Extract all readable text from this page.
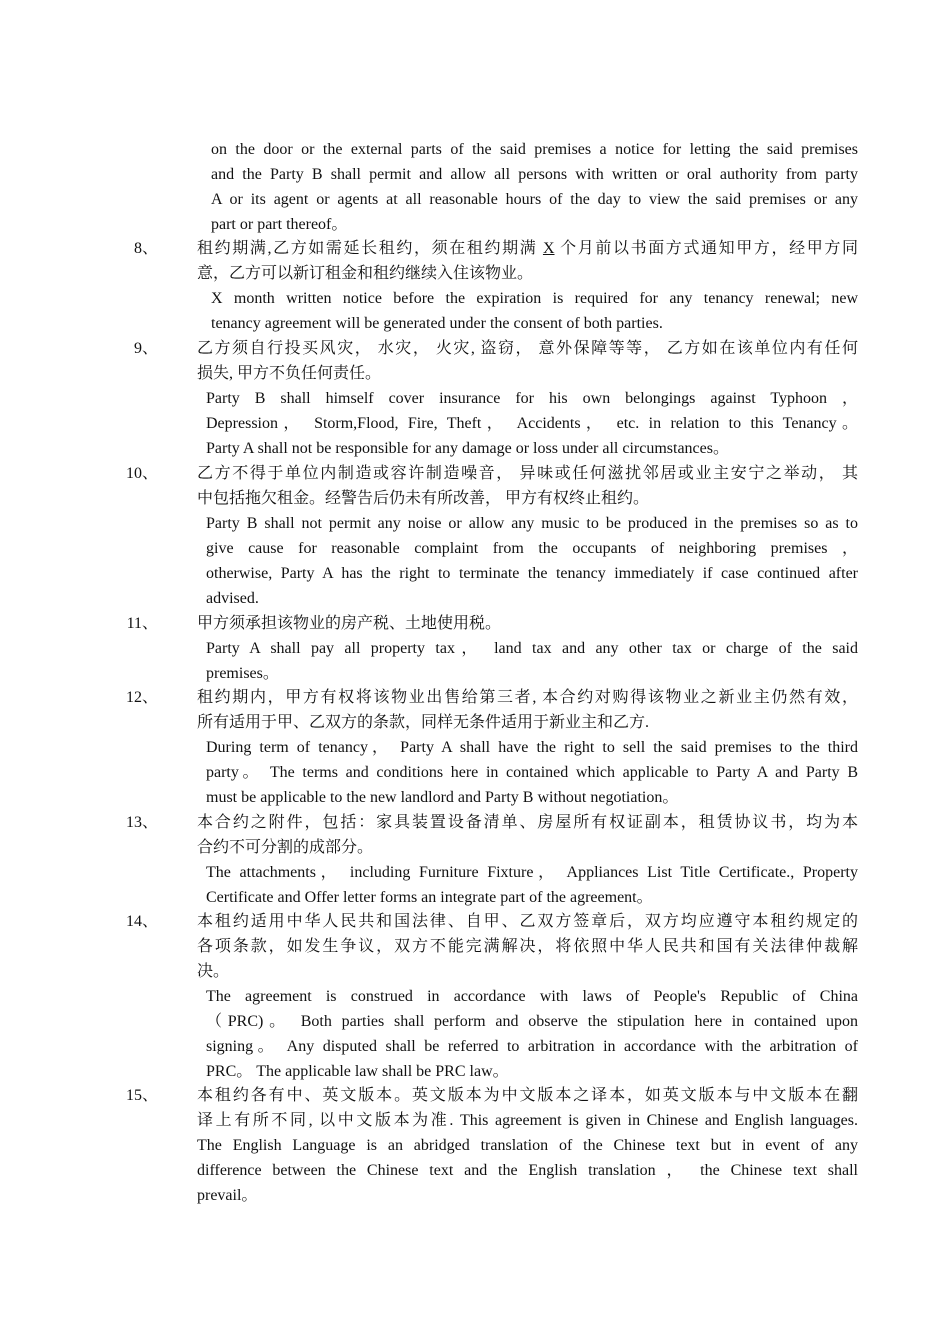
on the door or the external parts of the said premises a notice for letting the said premises
and the Party B shall permit and allow all persons with written or oral authority from party
A or its agent or agents at all reasonable hours of the day to view the said premises or any
part or part thereof。
8、 租约期满,乙方如需延长租约，须在租约期满 X 个月前以书面方式通知甲方，经甲方同
意，乙方可以新订租金和租约继续入住该物业。
X month written notice before the expiration is required for any tenancy renewal; new
tenancy agreement will be generated under the consent of both parties.
9、 乙方须自行投买风灾， 水灾， 火灾, 盗窃， 意外保障等等， 乙方如在该单位内有任何
损失, 甲方不负任何责任。
Party B shall himself cover insurance for his own belongings against Typhoon ，
Depression， Storm,Flood, Fire, Theft， Accidents， etc. in relation to this Tenancy。
Party A shall not be responsible for any damage or loss under all circumstances。
10、 乙方不得于单位内制造或容许制造噪音， 异味或任何滋扰邻居或业主安宁之举动， 其
中包括拖欠租金。经警告后仍未有所改善， 甲方有权终止租约。
Party B shall not permit any noise or allow any music to be produced in the premises so as to
give cause for reasonable complaint from the occupants of neighboring premises ，
otherwise, Party A has the right to terminate the tenancy immediately if case continued after
advised.
11、 甲方须承担该物业的房产税、土地使用税。
Party A shall pay all property tax， land tax and any other tax or charge of the said
premises。
12、 租约期内，甲方有权将该物业出售给第三者, 本合约对购得该物业之新业主仍然有效，
所有适用于甲、乙双方的条款，同样无条件适用于新业主和乙方.
During term of tenancy， Party A shall have the right to sell the said premises to the third
party。 The terms and conditions here in contained which applicable to Party A and Party B
must be applicable to the new landlord and Party B without negotiation。
13、 本合约之附件，包括：家具装置设备清单、房屋所有权证副本，租赁协议书，均为本
合约不可分割的成部分。
The attachments， including Furniture Fixture， Appliances List Title Certificate., Property
Certificate and Offer letter forms an integrate part of the agreement。
14、 本租约适用中华人民共和国法律、自甲、乙双方签章后，双方均应遵守本租约规定的
各项条款，如发生争议，双方不能完满解决，将依照中华人民共和国有关法律仲裁解
决。
The agreement is construed in accordance with laws of People's Republic of China
（PRC)。 Both parties shall perform and observe the stipulation here in contained upon
signing。 Any disputed shall be referred to arbitration in accordance with the arbitration of
PRC。 The applicable law shall be PRC law。
15、 本租约各有中、英文版本。英文版本为中文版本之译本，如英文版本与中文版本在翻
译上有所不同, 以中文版本为准. This agreement is given in Chinese and English languages.
The English Language is an abridged translation of the Chinese text but in event of any
difference between the Chinese text and the English translation ， the Chinese text shall
prevail。
